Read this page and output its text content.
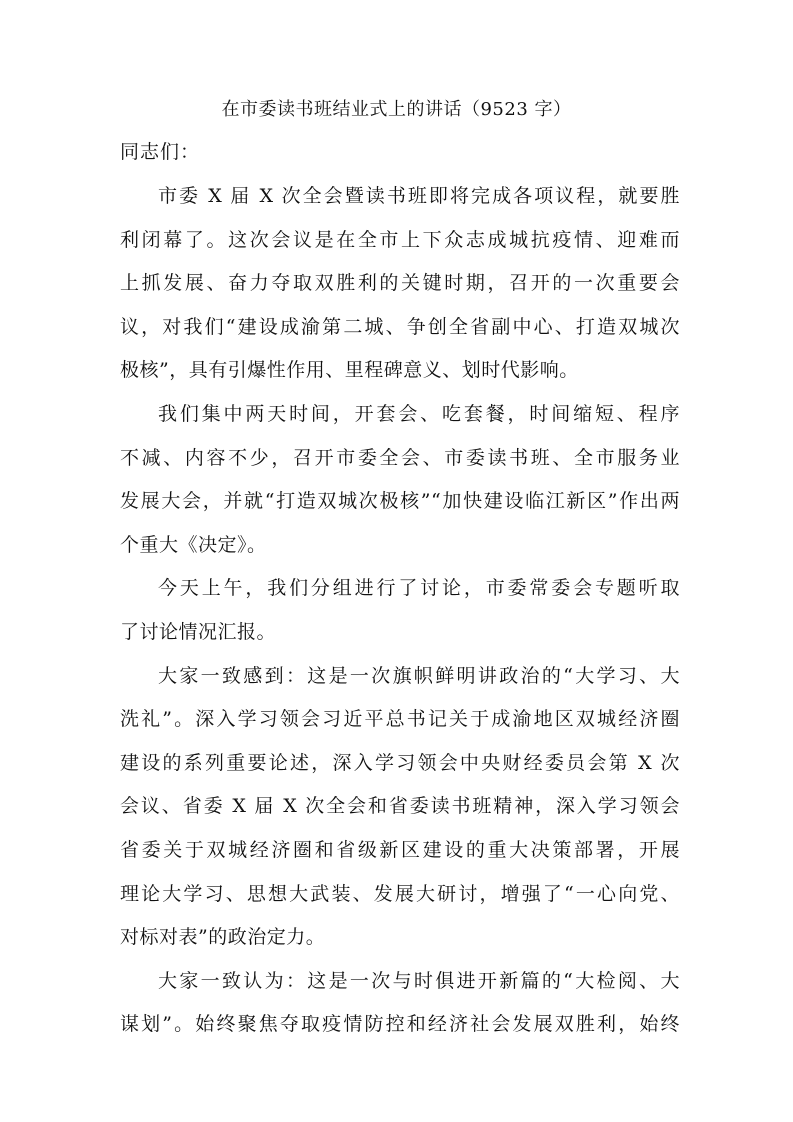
在市委读书班结业式上的讲话（9523 字）
同志们：

市委 X 届 X 次全会暨读书班即将完成各项议程，就要胜
利闭幕了。这次会议是在全市上下众志成城抗疫情、迎难而
上抓发展、奋力夺取双胜利的关键时期，召开的一次重要会
议，对我们“建设成渝第二城、争创全省副中心、打造双城次
极核”，具有引爆性作用、里程碑意义、划时代影响。

我们集中两天时间，开套会、吃套餐，时间缩短、程序
不减、内容不少，召开市委全会、市委读书班、全市服务业
发展大会，并就“打造双城次极核”“加快建设临江新区”作出两
个重大《决定》。

今天上午，我们分组进行了讨论，市委常委会专题听取
了讨论情况汇报。

大家一致感到：这是一次旗帜鲜明讲政治的“大学习、大
洗礼”。深入学习领会习近平总书记关于成渝地区双城经济圈
建设的系列重要论述，深入学习领会中央财经委员会第 X 次
会议、省委 X 届 X 次全会和省委读书班精神，深入学习领会
省委关于双城经济圈和省级新区建设的重大决策部署，开展
理论大学习、思想大武装、发展大研讨，增强了“一心向党、
对标对表”的政治定力。

大家一致认为：这是一次与时俱进开新篇的“大检阅、大
谋划”。始终聚焦夺取疫情防控和经济社会发展双胜利，始终
